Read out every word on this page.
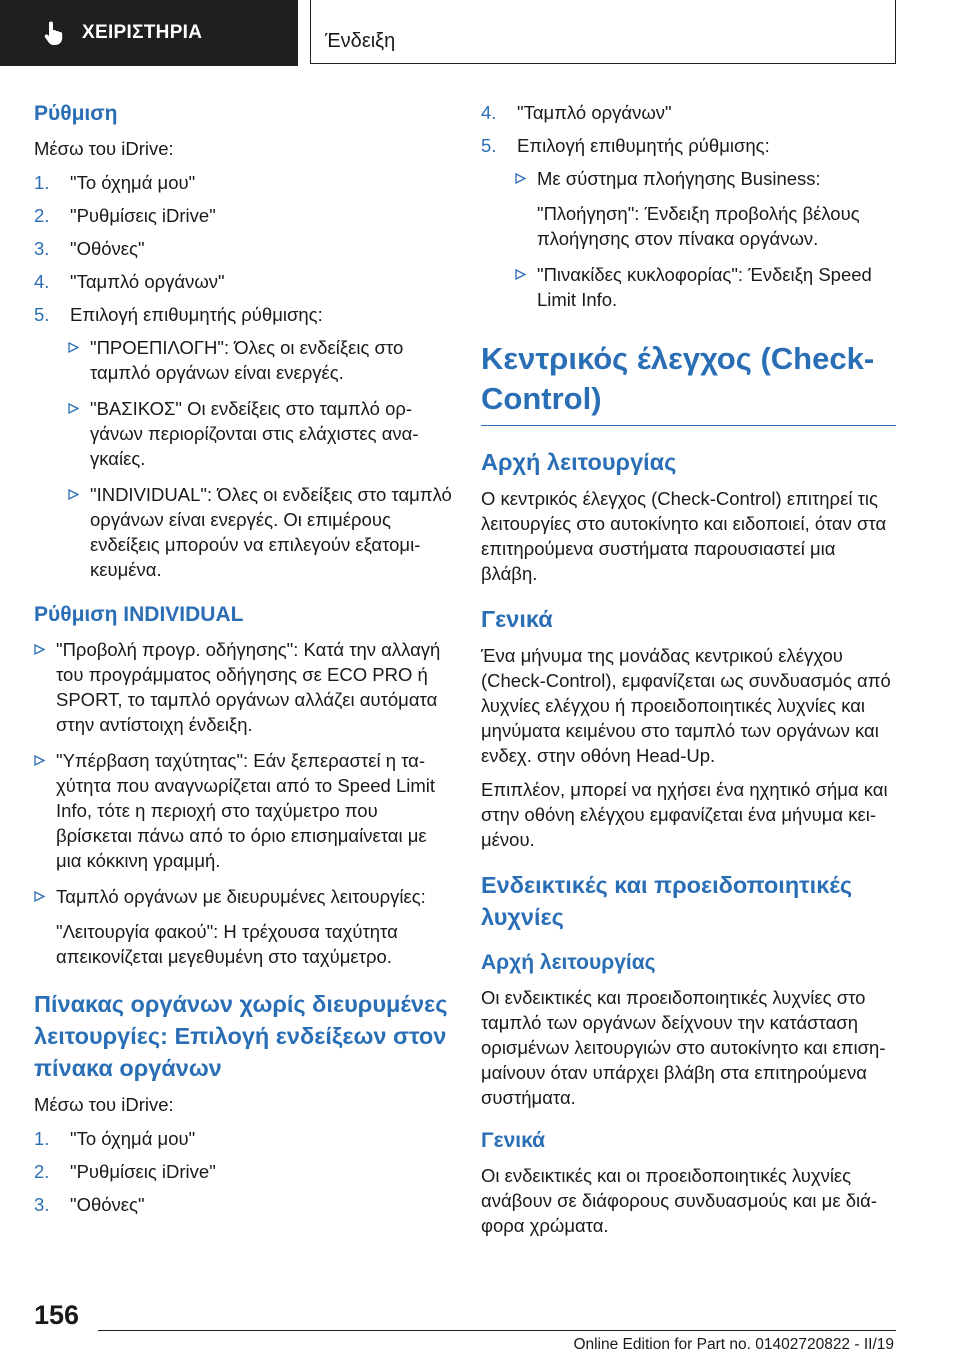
ΧΕΙΡΙΣΤΗΡΙΑ	Ένδειξη
Ρύθμιση
Μέσω του iDrive:
1. "Το όχημά μου"
2. "Ρυθμίσεις iDrive"
3. "Οθόνες"
4. "Ταμπλό οργάνων"
5. Επιλογή επιθυμητής ρύθμισης:
"ΠΡΟΕΠΙΛΟΓΗ": Όλες οι ενδείξεις στο ταμπλό οργάνων είναι ενεργές.
"ΒΑΣΙΚΟΣ" Οι ενδείξεις στο ταμπλό οργάνων περιορίζονται στις ελάχιστες αναγκαίες.
"INDIVIDUAL": Όλες οι ενδείξεις στο ταμπλό οργάνων είναι ενεργές. Οι επιμέρους ενδείξεις μπορούν να επιλεγούν εξατομικευμένα.
Ρύθμιση INDIVIDUAL
"Προβολή προγρ. οδήγησης": Κατά την αλλαγή του προγράμματος οδήγησης σε ECO PRO ή SPORT, το ταμπλό οργάνων αλλάζει αυτόματα στην αντίστοιχη ένδειξη.
"Υπέρβαση ταχύτητας": Εάν ξεπεραστεί η ταχύτητα που αναγνωρίζεται από το Speed Limit Info, τότε η περιοχή στο ταχύμετρο που βρίσκεται πάνω από το όριο επισημαίνεται με μια κόκκινη γραμμή.
Ταμπλό οργάνων με διευρυμένες λειτουργίες:
"Λειτουργία φακού": Η τρέχουσα ταχύτητα απεικονίζεται μεγεθυμένη στο ταχύμετρο.
Πίνακας οργάνων χωρίς διευρυμένες λειτουργίες: Επιλογή ενδείξεων στον πίνακα οργάνων
Μέσω του iDrive:
1. "Το όχημά μου"
2. "Ρυθμίσεις iDrive"
3. "Οθόνες"
4. "Ταμπλό οργάνων"
5. Επιλογή επιθυμητής ρύθμισης:
Με σύστημα πλοήγησης Business:
"Πλοήγηση": Ένδειξη προβολής βέλους πλοήγησης στον πίνακα οργάνων.
"Πινακίδες κυκλοφορίας": Ένδειξη Speed Limit Info.
Κεντρικός έλεγχος (Check-Control)
Αρχή λειτουργίας
Ο κεντρικός έλεγχος (Check-Control) επιτηρεί τις λειτουργίες στο αυτοκίνητο και ειδοποιεί, όταν στα επιτηρούμενα συστήματα παρουσιαστεί μια βλάβη.
Γενικά
Ένα μήνυμα της μονάδας κεντρικού ελέγχου (Check-Control), εμφανίζεται ως συνδυασμός από λυχνίες ελέγχου ή προειδοποιητικές λυχνίες και μηνύματα κειμένου στο ταμπλό των οργάνων και ενδεχ. στην οθόνη Head-Up.
Επιπλέον, μπορεί να ηχήσει ένα ηχητικό σήμα και στην οθόνη ελέγχου εμφανίζεται ένα μήνυμα κειμένου.
Ενδεικτικές και προειδοποιητικές λυχνίες
Αρχή λειτουργίας
Οι ενδεικτικές και προειδοποιητικές λυχνίες στο ταμπλό των οργάνων δείχνουν την κατάσταση ορισμένων λειτουργιών στο αυτοκίνητο και επισημαίνουν όταν υπάρχει βλάβη στα επιτηρούμενα συστήματα.
Γενικά
Οι ενδεικτικές και οι προειδοποιητικές λυχνίες ανάβουν σε διάφορους συνδυασμούς και με διάφορα χρώματα.
156
Online Edition for Part no. 01402720822 - II/19
